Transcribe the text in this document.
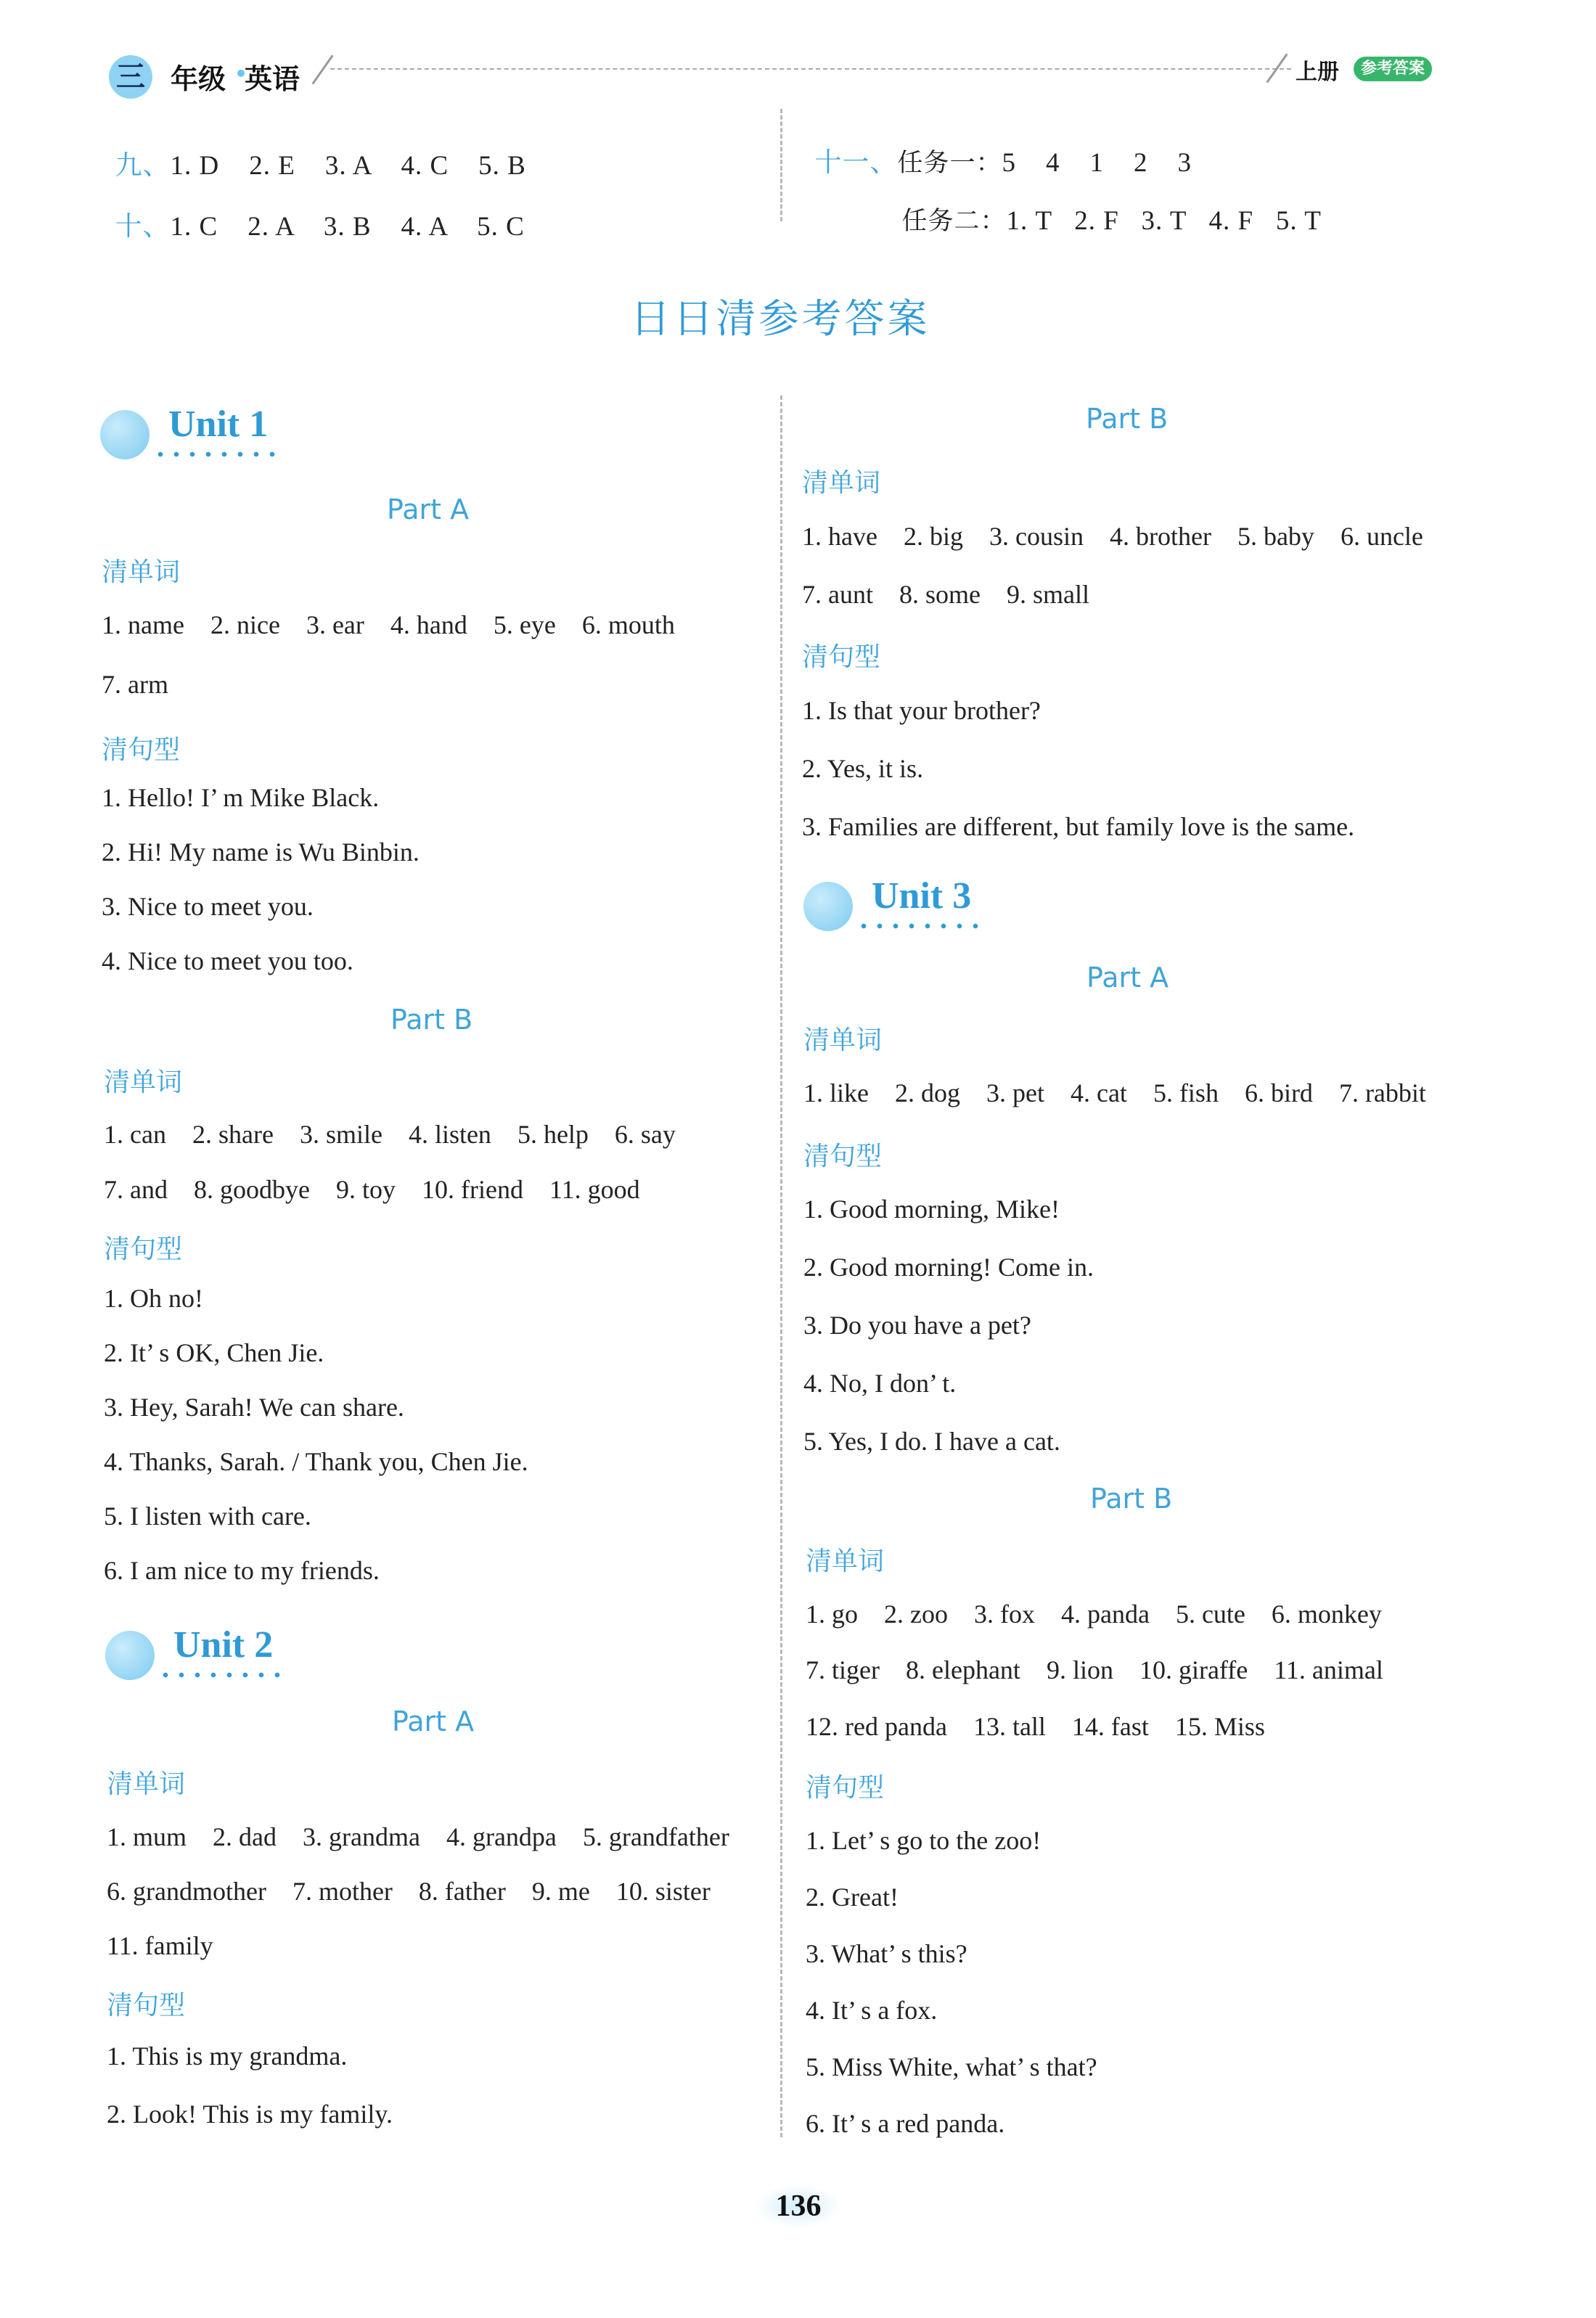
三 年级 英语	上册	参考答案

九、1. D 2. E 3. A 4. C 5. B

十、1. C 2. A 3. B 4. A 5. C

十一、任务一：5 4 1 2 3

任务二：1. T 2. F 3. T 4. F 5. T

日日清参考答案
Unit 1
Part A
清单词
1. name 2. nice 3. ear 4. hand 5. eye 6. mouth
7. arm
清句型
1. Hello! I’ m Mike Black.
2. Hi! My name is Wu Binbin.
3. Nice to meet you.
4. Nice to meet you too.
Part B
清单词
1. can 2. share 3. smile 4. listen 5. help 6. say
7. and 8. goodbye 9. toy 10. friend 11. good
清句型
1. Oh no!
2. It’ s OK, Chen Jie.
3. Hey, Sarah! We can share.
4. Thanks, Sarah. / Thank you, Chen Jie.
5. I listen with care.
6. I am nice to my friends.
Unit 2
Part A
清单词
1. mum 2. dad 3. grandma 4. grandpa 5. grandfather
6. grandmother 7. mother 8. father 9. me 10. sister
11. family
清句型
1. This is my grandma.
2. Look! This is my family.
Part B
清单词
1. have 2. big 3. cousin 4. brother 5. baby 6. uncle
7. aunt 8. some 9. small
清句型
1. Is that your brother?
2. Yes, it is.
3. Families are different, but family love is the same.
Unit 3
Part A
清单词
1. like 2. dog 3. pet 4. cat 5. fish 6. bird 7. rabbit
清句型
1. Good morning, Mike!
2. Good morning! Come in.
3. Do you have a pet?
4. No, I don’ t.
5. Yes, I do. I have a cat.
Part B
清单词
1. go 2. zoo 3. fox 4. panda 5. cute 6. monkey
7. tiger 8. elephant 9. lion 10. giraffe 11. animal
12. red panda 13. tall 14. fast 15. Miss
清句型
1. Let’ s go to the zoo!
2. Great!
3. What’ s this?
4. It’ s a fox.
5. Miss White, what’ s that?
6. It’ s a red panda.
136
